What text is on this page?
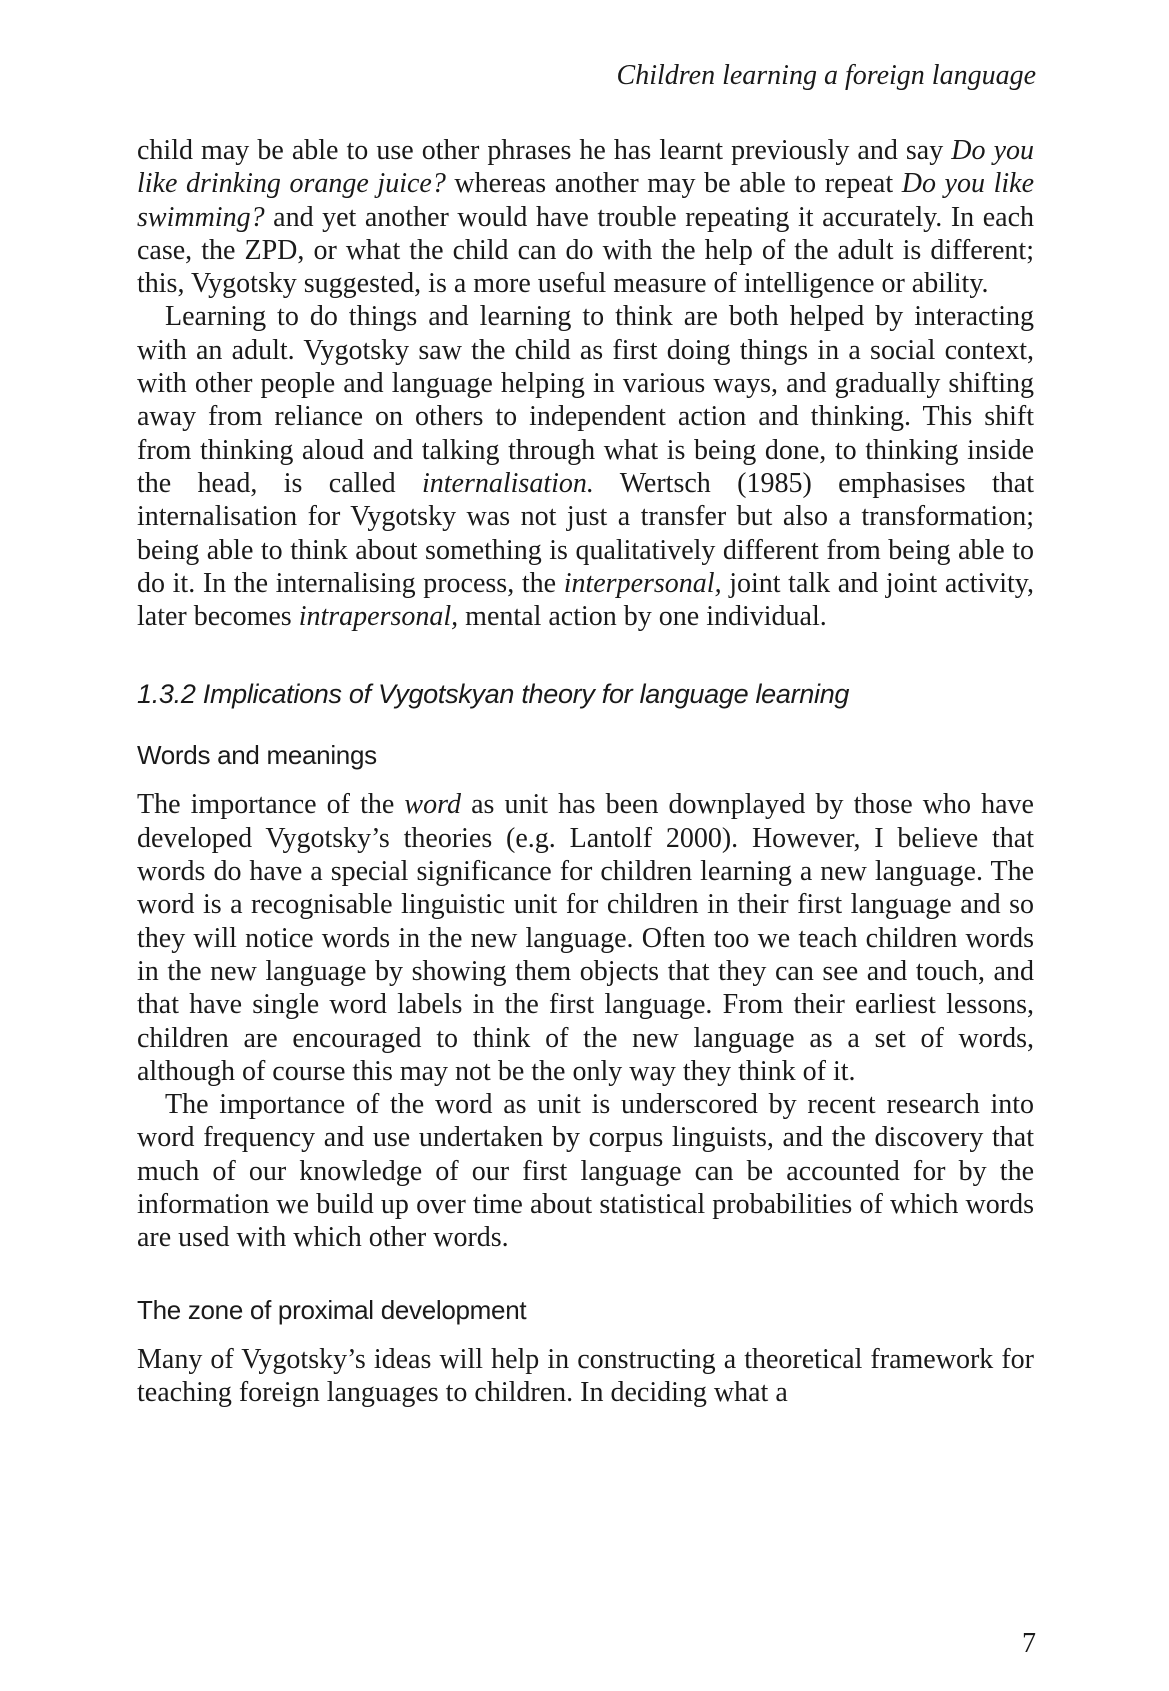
Children learning a foreign language

child may be able to use other phrases he has learnt previously and say Do you like drinking orange juice? whereas another may be able to repeat Do you like swimming? and yet another would have trouble repeating it accurately. In each case, the ZPD, or what the child can do with the help of the adult is different; this, Vygotsky suggested, is a more useful measure of intelligence or ability.

Learning to do things and learning to think are both helped by interacting with an adult. Vygotsky saw the child as first doing things in a social context, with other people and language helping in various ways, and gradually shifting away from reliance on others to independent action and thinking. This shift from thinking aloud and talking through what is being done, to thinking inside the head, is called internalisation. Wertsch (1985) emphasises that internalisation for Vygotsky was not just a transfer but also a transformation; being able to think about something is qualitatively different from being able to do it. In the internalising process, the interpersonal, joint talk and joint activity, later becomes intrapersonal, mental action by one individual.

1.3.2 Implications of Vygotskyan theory for language learning
Words and meanings

The importance of the word as unit has been downplayed by those who have developed Vygotsky’s theories (e.g. Lantolf 2000). However, I believe that words do have a special significance for children learning a new language. The word is a recognisable linguistic unit for children in their first language and so they will notice words in the new language. Often too we teach children words in the new language by showing them objects that they can see and touch, and that have single word labels in the first language. From their earliest lessons, children are encouraged to think of the new language as a set of words, although of course this may not be the only way they think of it.

The importance of the word as unit is underscored by recent research into word frequency and use undertaken by corpus linguists, and the discovery that much of our knowledge of our first language can be accounted for by the information we build up over time about statistical probabilities of which words are used with which other words.

The zone of proximal development

Many of Vygotsky’s ideas will help in constructing a theoretical framework for teaching foreign languages to children. In deciding what a

7
